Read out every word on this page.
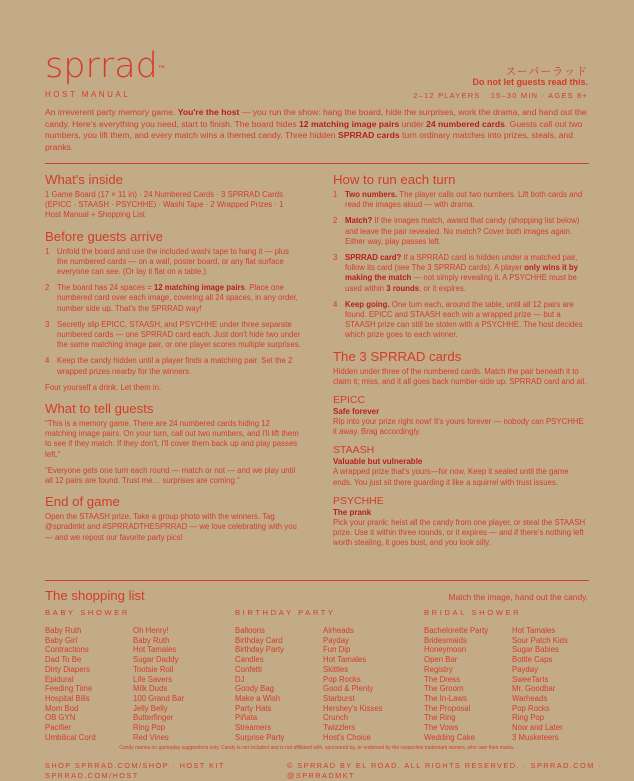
sprrad™
HOST MANUAL
スーパーラッド
Do not let guests read this.
2–12 PLAYERS · 15–30 MIN · AGES 8+
An irreverent party memory game. You're the host — you run the show: hang the board, hide the surprises, work the drama, and hand out the candy. Here's everything you need, start to finish. The board hides 12 matching image pairs under 24 numbered cards. Guests call out two numbers, you lift them, and every match wins a themed candy. Three hidden SPRRAD cards turn ordinary matches into prizes, steals, and pranks.
What's inside

1 Game Board (17 × 11 in) · 24 Numbered Cards · 3 SPRRAD Cards (EPICC · STAASH · PSYCHHE) · Washi Tape · 2 Wrapped Prizes · 1 Host Manual + Shopping List

Before guests arrive
1 Unfold the board and use the included washi tape to hang it — plus the numbered cards — on a wall, poster board, or any flat surface everyone can see. (Or lay it flat on a table.)
2 The board has 24 spaces = 12 matching image pairs. Place one numbered card over each image, covering all 24 spaces, in any order, number side up. That's the SPRRAD way!
3 Secretly slip EPICC, STAASH, and PSYCHHE under three separate numbered cards — one SPRRAD card each. Just don't hide two under the same matching image pair, or one player scores multiple surprises.
4 Keep the candy hidden until a player finds a matching pair. Set the 2 wrapped prizes nearby for the winners.

Four yourself a drink. Let them in.

What to tell guests

"This is a memory game. There are 24 numbered cards hiding 12 matching image pairs. On your turn, call out two numbers, and I'll lift them to see if they match. If they don't, I'll cover them back up and play passes left."

"Everyone gets one turn each round — match or not — and we play until all 12 pairs are found. Trust me… surprises are coming."

End of game

Open the STAASH prize. Take a group photo with the winners. Tag @spradmkt and #SPRRADTHESPRRAD — we love celebrating with you — and we repost our favorite party pics!

How to run each turn
1 Two numbers. The player calls out two numbers. Lift both cards and read the images aloud — with drama.
2 Match? If the images match, award that candy (shopping list below) and leave the pair revealed. No match? Cover both images again. Either way, play passes left.
3 SPRRAD card? If a SPRRAD card is hidden under a matched pair, follow its card (see The 3 SPRRAD cards). A player only wins it by making the match — not simply revealing it. A PSYCHHE must be used within 3 rounds, or it expires.
4 Keep going. One turn each, around the table, until all 12 pairs are found. EPICC and STAASH each win a wrapped prize — but a STAASH prize can still be stolen with a PSYCHHE. The host decides which prize goes to each winner.
The 3 SPRRAD cards

Hidden under three of the numbered cards. Match the pair beneath it to claim it; miss, and it all goes back number-side up. SPRRAD card and all.

EPICC
Safe forever

Rip into your prize right now! It's yours forever — nobody can PSYCHHE it away. Brag accordingly.

STAASH
Valuable but vulnerable

A wrapped prize that's yours—for now. Keep it sealed until the game ends. You just sit there guarding it like a squirrel with trust issues.

PSYCHHE
The prank

Pick your prank: heist all the candy from one player, or steal the STAASH prize. Use it within three rounds, or it expires — and if there's nothing left worth stealing, it goes bust, and you look silly.

The shopping list	Match the image, hand out the candy.
BABY SHOWER
Baby Ruth
Baby Girl
Contractions
Dad To Be
Dirty Diapers
Epidural
Feeding Time
Hospital Bills
Mom Bod
OB GYN
Pacifier
Umbilical Cord
Oh Henry!
Baby Ruth
Hot Tamales
Sugar Daddy
Tootsie Roll
Life Savers
Milk Duds
100 Grand Bar
Jelly Belly
Butterfinger
Ring Pop
Red Vines
BIRTHDAY PARTY
Balloons
Birthday Card
Birthday Party
Candles
Confetti
DJ
Goody Bag
Make a Wish
Party Hats
Piñata
Streamers
Surprise Party
Airheads
Payday
Fun Dip
Hot Tamales
Skittles
Pop Rocks
Good & Plenty
Starburst
Hershey's Kisses
Crunch
Twizzlers
Host's Choice
BRIDAL SHOWER
Bachelorette Party
Bridesmaids
Honeymoon
Open Bar
Registry
The Dress
The Groom
The In-Laws
The Proposal
The Ring
The Vows
Wedding Cake
Hot Tamales
Sour Patch Kids
Sugar Babies
Bottle Caps
Payday
SweeTarts
Mr. Goodbar
Warheads
Pop Rocks
Ring Pop
Now and Later
3 Musketeers
Candy names on gameplay suggestions only. Candy is not included and is not affiliated with, sponsored by, or endorsed by the respective trademark owners, who own their marks.
SHOP SPRRAD.COM/SHOP · HOST KIT
SPRRAD.COM/HOST
© SPRRAD BY EL ROAD. ALL RIGHTS RESERVED. · SPRRAD.COM ·
@SPRRADMKT
